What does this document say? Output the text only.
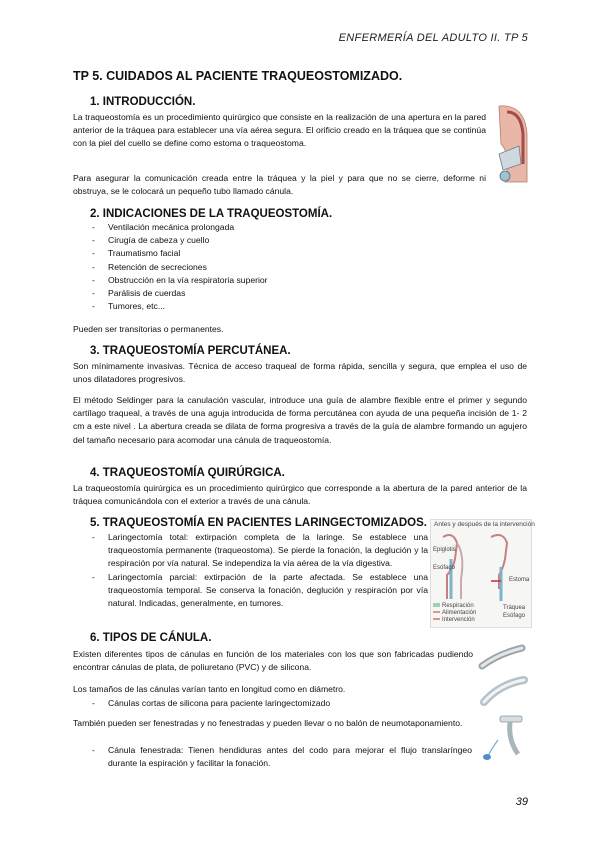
ENFERMERÍA DEL ADULTO II. TP 5
TP 5. CUIDADOS AL PACIENTE TRAQUEOSTOMIZADO.
1. INTRODUCCIÓN.
La traqueostomía es un procedimiento quirúrgico que consiste en la realización de una apertura en la pared anterior de la tráquea para establecer una vía aérea segura. El orificio creado en la tráquea que se continúa con la piel del cuello se define como estoma o traqueostoma.
Para asegurar la comunicación creada entre la tráquea y la piel y para que no se cierre, deforme ni obstruya, se le colocará un pequeño tubo llamado cánula.
2. INDICACIONES DE LA TRAQUEOSTOMÍA.
- Ventilación mecánica prolongada
- Cirugía de cabeza y cuello
- Traumatismo facial
- Retención de secreciones
- Obstrucción en la vía respiratoria superior
- Parálisis de cuerdas
- Tumores, etc...
Pueden ser transitorias o permanentes.
3. TRAQUEOSTOMÍA PERCUTÁNEA.
Son mínimamente invasivas. Técnica de acceso traqueal de forma rápida, sencilla y segura, que emplea el uso de unos dilatadores progresivos.
El método Seldinger para la canulación vascular, introduce una guía de alambre flexible entre el primer y segundo cartílago traqueal, a través de una aguja introducida de forma percutánea con ayuda de una pequeña incisión de 1- 2 cm a este nivel . La abertura creada se dilata de forma progresiva a través de la guía de alambre formando un agujero del tamaño necesario para acomodar una cánula de traqueostomía.
4. TRAQUEOSTOMÍA QUIRÚRGICA.
La traqueostomía quirúrgica es un procedimiento quirúrgico que corresponde a la abertura de la pared anterior de la tráquea comunicándola con el exterior a través de una cánula.
5. TRAQUEOSTOMÍA EN PACIENTES LARINGECTOMIZADOS.
- Laringectomía total: extirpación completa de la laringe. Se establece una traqueostomía permanente (traqueostoma). Se pierde la fonación, la deglución y la respiración por vía natural. Se independiza la vía aérea de la vía digestiva.
- Laringectomía parcial: extirpación de la parte afectada. Se establece una traqueostomía temporal. Se conserva la fonación, deglución y respiración por vía natural. Indicadas, generalmente, en tumores.
Antes y después de la intervención
Epiglotis
Esófago
Estoma
Tráquea
Esófago
Respiración
Alimentación
Intervención
6. TIPOS DE CÁNULA.
Existen diferentes tipos de cánulas en función de los materiales con los que son fabricadas pudiendo encontrar cánulas de plata, de poliuretano (PVC) y de silicona.
Los tamaños de las cánulas varían tanto en longitud como en diámetro.
- Cánulas cortas de silicona para paciente laringectomizado
También pueden ser fenestradas y no fenestradas y pueden llevar o no balón de neumotaponamiento.
- Cánula fenestrada: Tienen hendiduras antes del codo para mejorar el flujo translaríngeo durante la espiración y facilitar la fonación.
39
